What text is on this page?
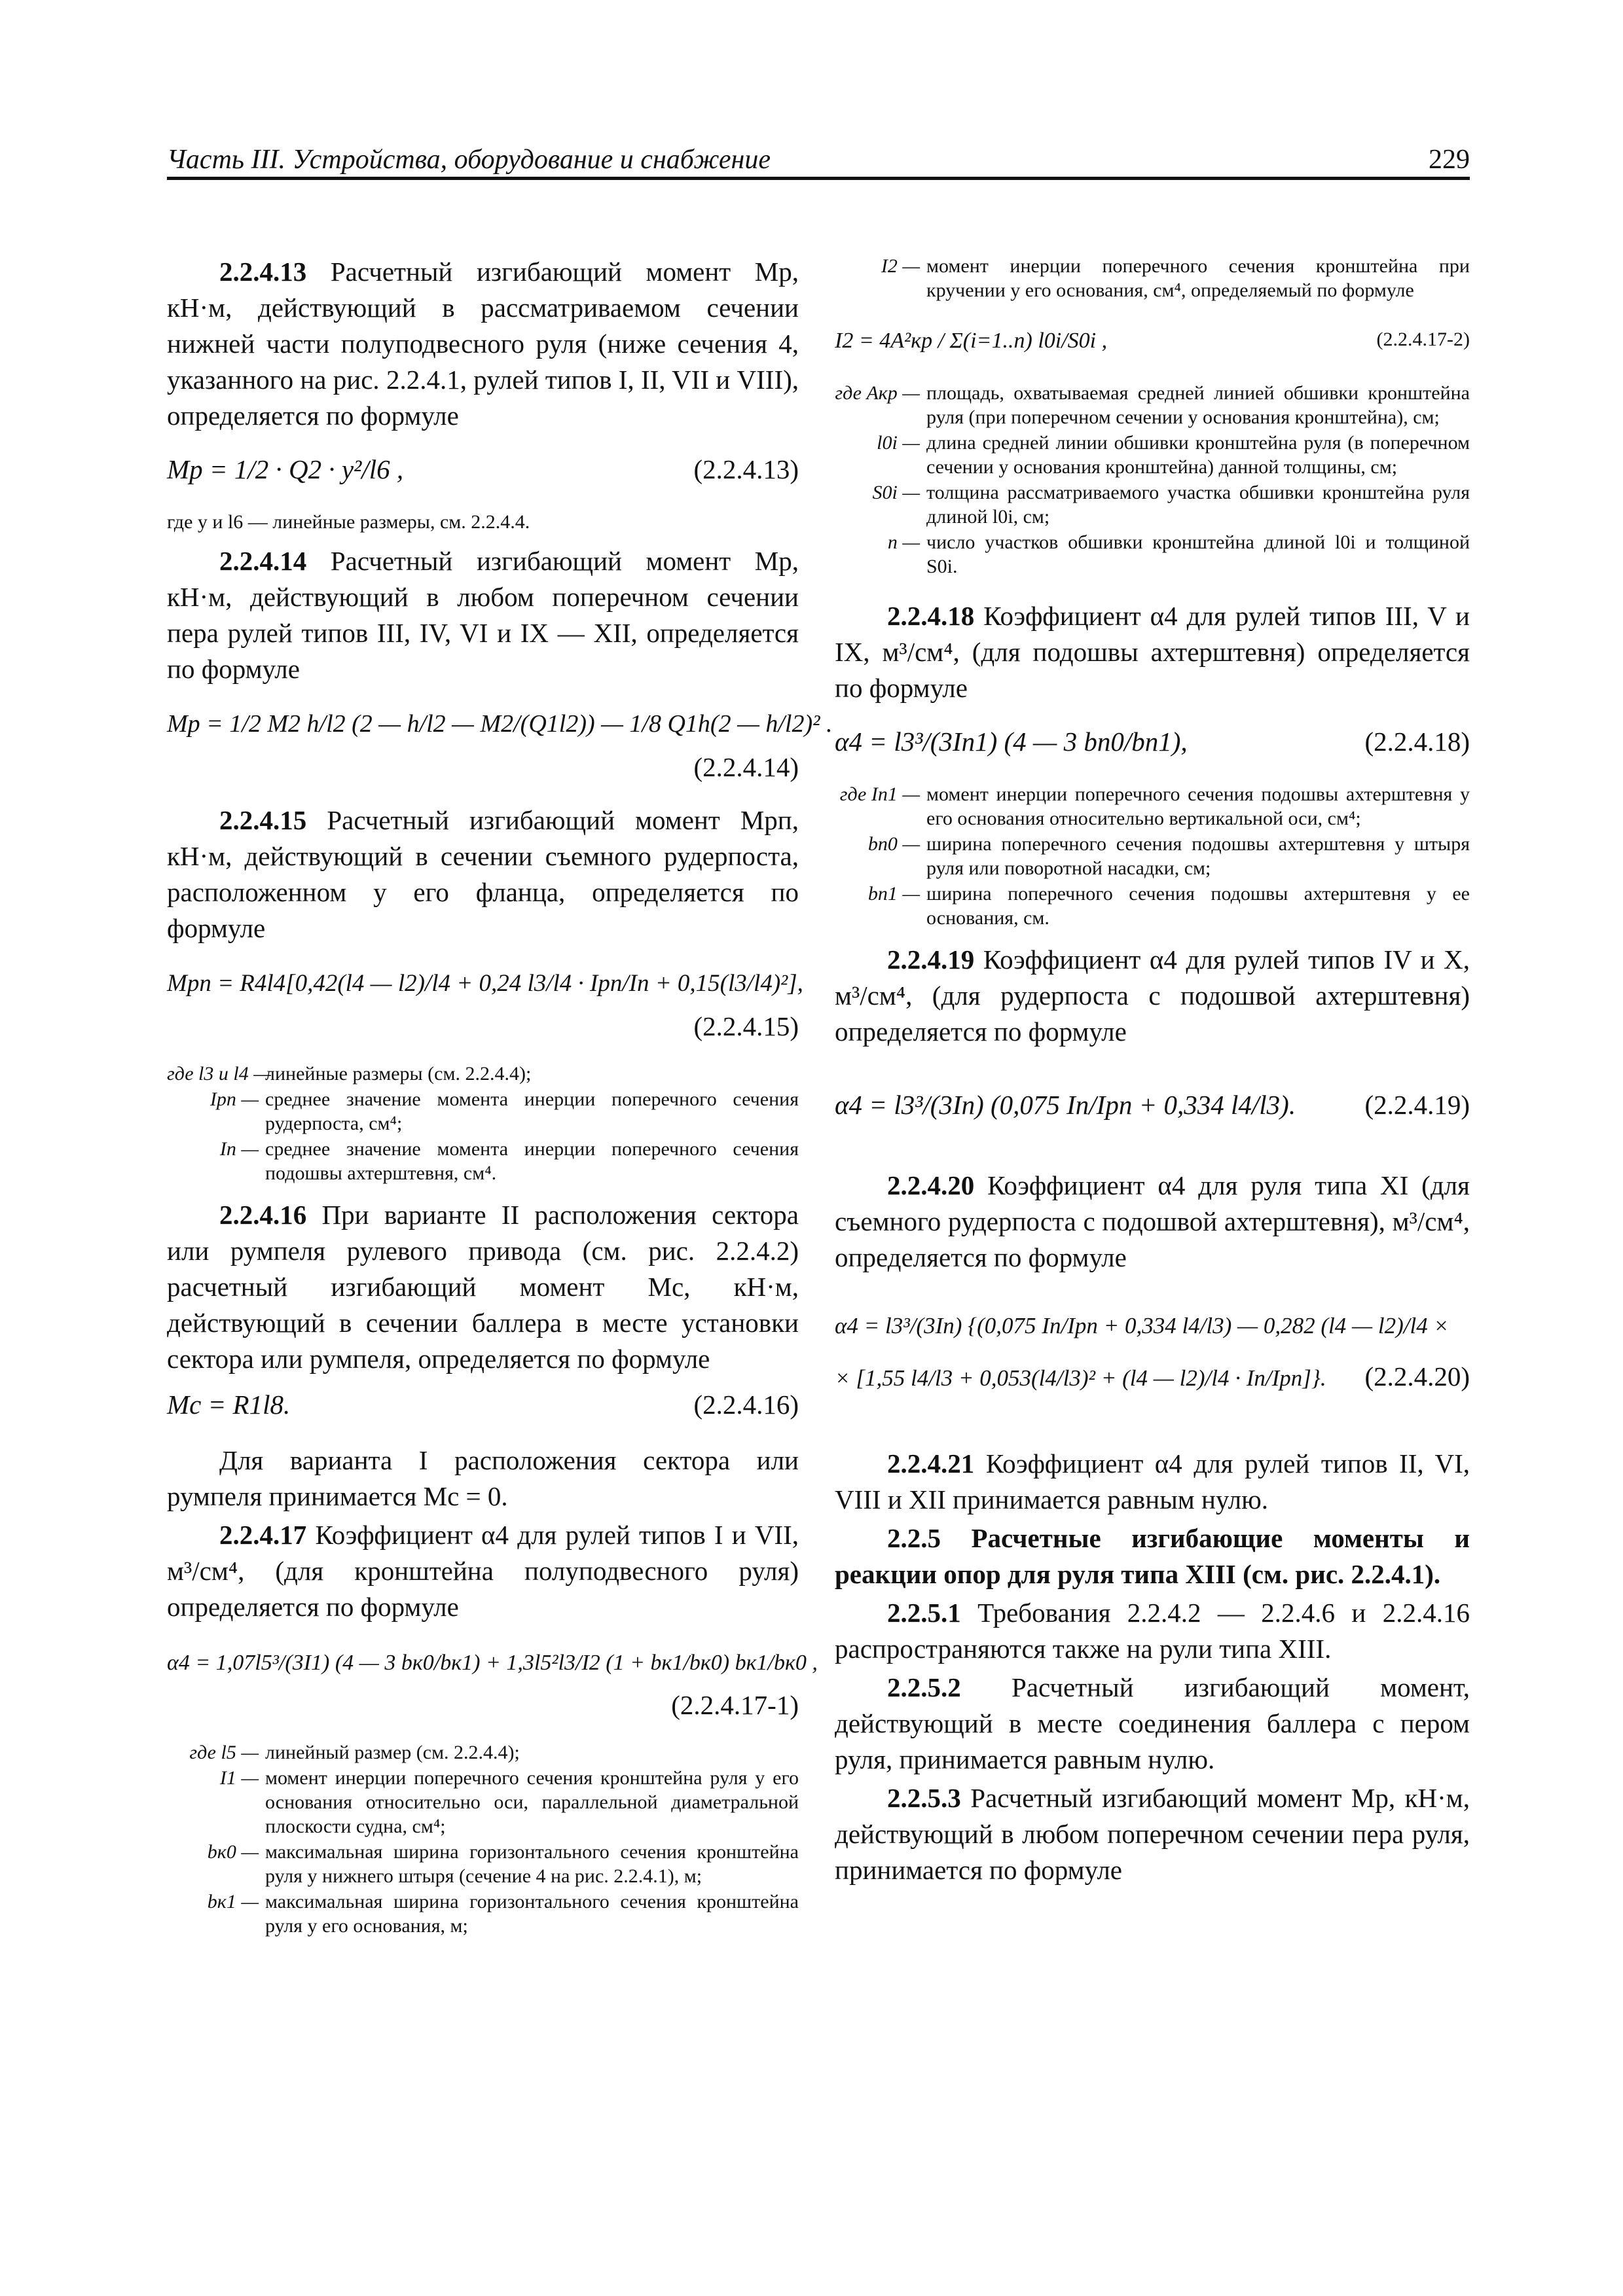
Часть III. Устройства, оборудование и снабжение	229

2.2.4.13 Расчетный изгибающий момент Mр, кН·м, действующий в рассматриваемом сечении нижней части полуподвесного руля (ниже сечения 4, указанного на рис. 2.2.4.1, рулей типов I, II, VII и VIII), определяется по формуле

Mр = 1/2 · Q2 · y²/l6 ,	(2.2.4.13)
где y и l6 — линейные размеры, см. 2.2.4.4.

2.2.4.14 Расчетный изгибающий момент Mр, кН·м, действующий в любом поперечном сечении пера рулей типов III, IV, VI и IX — XII, определяется по формуле

Mр = 1/2 M2 h/l2 (2 — h/l2 — M2/(Q1l2)) — 1/8 Q1h(2 — h/l2)² .
(2.2.4.14)

2.2.4.15 Расчетный изгибающий момент Mрп, кН·м, действующий в сечении съемного рудерпоста, расположенном у его фланца, определяется по формуле

Mрп = R4l4[0,42(l4 — l2)/l4 + 0,24 l3/l4 · Iрп/Iп + 0,15(l3/l4)²],
(2.2.4.15)
где l3 и l4 —
линейные размеры (см. 2.2.4.4);
Iрп — среднее значение момента инерции поперечного сечения рудерпоста, см⁴;
Iп — среднее значение момента инерции поперечного сечения подошвы ахтерштевня, см⁴.

2.2.4.16 При варианте II расположения сектора или румпеля рулевого привода (см. рис. 2.2.4.2) расчетный изгибающий момент Mc, кН·м, действующий в сечении баллера в месте установки сектора или румпеля, определяется по формуле

Mc = R1l8.	(2.2.4.16)

Для варианта I расположения сектора или румпеля принимается Mc = 0.

2.2.4.17 Коэффициент α4 для рулей типов I и VII, м³/см⁴, (для кронштейна полуподвесного руля) определяется по формуле

α4 = 1,07l5³/(3I1) (4 — 3 bк0/bк1) + 1,3l5²l3/I2 (1 + bк1/bк0) bк1/bк0 ,
(2.2.4.17-1)
где l5 — линейный размер (см. 2.2.4.4);
I1 — момент инерции поперечного сечения кронштейна руля у его основания относительно оси, параллельной диаметральной плоскости судна, см⁴;
bк0 — максимальная ширина горизонтального сечения кронштейна руля у нижнего штыря (сечение 4 на рис. 2.2.4.1), м;
bк1 — максимальная ширина горизонтального сечения кронштейна руля у его основания, м;
I2 — момент инерции поперечного сечения кронштейна при кручении у его основания, см⁴, определяемый по формуле
I2 = 4A²кр / Σ(i=1..n) l0i/S0i ,	(2.2.4.17-2)
где Aкр — площадь, охватываемая средней линией обшивки кронштейна руля (при поперечном сечении у основания кронштейна), см;
l0i — длина средней линии обшивки кронштейна руля (в поперечном сечении у основания кронштейна) данной толщины, см;
S0i — толщина рассматриваемого участка обшивки кронштейна руля длиной l0i, см;
n — число участков обшивки кронштейна длиной l0i и толщиной S0i.

2.2.4.18 Коэффициент α4 для рулей типов III, V и IX, м³/см⁴, (для подошвы ахтерштевня) определяется по формуле

α4 = l3³/(3Iп1) (4 — 3 bп0/bп1),	(2.2.4.18)
где Iп1 — момент инерции поперечного сечения подошвы ахтерштевня у его основания относительно вертикальной оси, см⁴;
bп0 — ширина поперечного сечения подошвы ахтерштевня у штыря руля или поворотной насадки, см;
bп1 — ширина поперечного сечения подошвы ахтерштевня у ее основания, см.

2.2.4.19 Коэффициент α4 для рулей типов IV и X, м³/см⁴, (для рудерпоста с подошвой ахтерштевня) определяется по формуле

α4 = l3³/(3Iп) (0,075 Iп/Iрп + 0,334 l4/l3).	(2.2.4.19)

2.2.4.20 Коэффициент α4 для руля типа XI (для съемного рудерпоста с подошвой ахтерштевня), м³/см⁴, определяется по формуле

α4 = l3³/(3Iп) {(0,075 Iп/Iрп + 0,334 l4/l3) — 0,282 (l4 — l2)/l4 ×
× [1,55 l4/l3 + 0,053(l4/l3)² + (l4 — l2)/l4 · Iп/Iрп]}. (2.2.4.20)

2.2.4.21 Коэффициент α4 для рулей типов II, VI, VIII и XII принимается равным нулю.

2.2.5 Расчетные изгибающие моменты и реакции опор для руля типа XIII (см. рис. 2.2.4.1).

2.2.5.1 Требования 2.2.4.2 — 2.2.4.6 и 2.2.4.16 распространяются также на рули типа XIII.

2.2.5.2 Расчетный изгибающий момент, действующий в месте соединения баллера с пером руля, принимается равным нулю.

2.2.5.3 Расчетный изгибающий момент Mр, кН·м, действующий в любом поперечном сечении пера руля, принимается по формуле
